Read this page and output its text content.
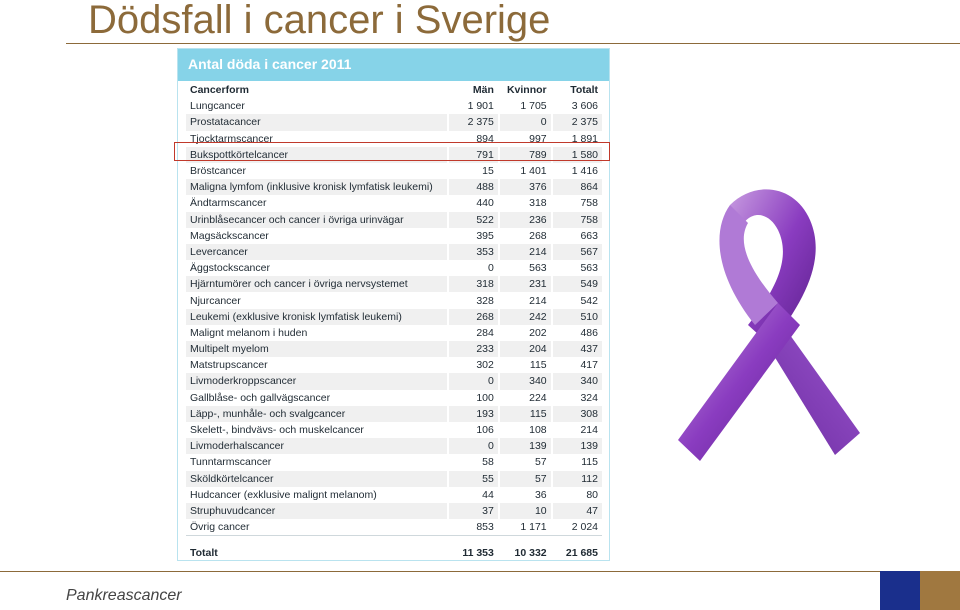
Dödsfall i cancer i Sverige
Antal döda i cancer 2011
Cancerform	Män	Kvinnor	Totalt
Lungcancer	1 901	1 705	3 606
Prostatacancer	2 375	0	2 375
Tjocktarmscancer	894	997	1 891
Bukspottkörtelcancer	791	789	1 580
Bröstcancer	15	1 401	1 416
Maligna lymfom (inklusive kronisk lymfatisk leukemi)	488	376	864
Ändtarmscancer	440	318	758
Urinblåsecancer och cancer i övriga urinvägar	522	236	758
Magsäckscancer	395	268	663
Levercancer	353	214	567
Äggstockscancer	0	563	563
Hjärntumörer och cancer i övriga nervsystemet	318	231	549
Njurcancer	328	214	542
Leukemi (exklusive kronisk lymfatisk leukemi)	268	242	510
Malignt melanom i huden	284	202	486
Multipelt myelom	233	204	437
Matstrupscancer	302	115	417
Livmoderkroppscancer	0	340	340
Gallblåse- och gallvägscancer	100	224	324
Läpp-, munhåle- och svalgcancer	193	115	308
Skelett-, bindvävs- och muskelcancer	106	108	214
Livmoderhalscancer	0	139	139
Tunntarmscancer	58	57	115
Sköldkörtelcancer	55	57	112
Hudcancer (exklusive malignt melanom)	44	36	80
Struphuvudcancer	37	10	47
Övrig cancer	853	1 171	2 024
Totalt	11 353	10 332	21 685
Pankreascancer
